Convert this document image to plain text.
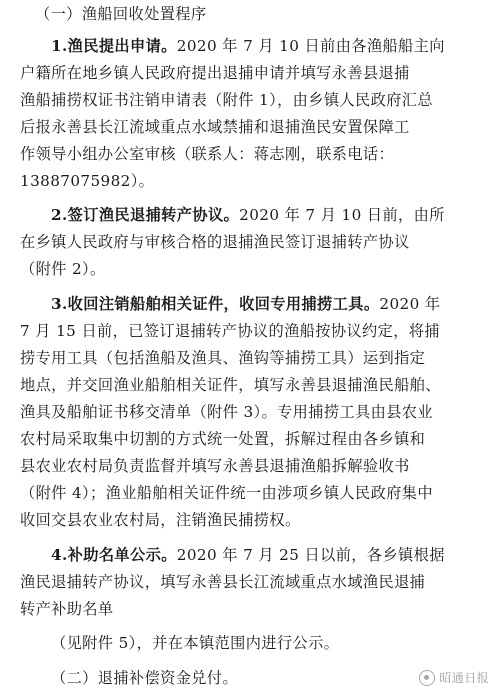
（一）渔船回收处置程序
1.渔民提出申请。2020 年 7 月 10 日前由各渔船船主向
户籍所在地乡镇人民政府提出退捕申请并填写永善县退捕
渔船捕捞权证书注销申请表（附件 1），由乡镇人民政府汇总
后报永善县长江流域重点水域禁捕和退捕渔民安置保障工
作领导小组办公室审核（联系人：蒋志刚，联系电话：
13887075982）。
2.签订渔民退捕转产协议。2020 年 7 月 10 日前，由所
在乡镇人民政府与审核合格的退捕渔民签订退捕转产协议
（附件 2）。
3.收回注销船舶相关证件，收回专用捕捞工具。2020 年
7 月 15 日前，已签订退捕转产协议的渔船按协议约定，将捕
捞专用工具（包括渔船及渔具、渔钩等捕捞工具）运到指定
地点，并交回渔业船舶相关证件，填写永善县退捕渔民船舶、
渔具及船舶证书移交清单（附件 3）。专用捕捞工具由县农业
农村局采取集中切割的方式统一处置，拆解过程由各乡镇和
县农业农村局负责监督并填写永善县退捕渔船拆解验收书
（附件 4）；渔业船舶相关证件统一由涉项乡镇人民政府集中
收回交县农业农村局，注销渔民捕捞权。
4.补助名单公示。2020 年 7 月 25 日以前，各乡镇根据
渔民退捕转产协议，填写永善县长江流域重点水域渔民退捕
转产补助名单
（见附件 5），并在本镇范围内进行公示。
（二）退捕补偿资金兑付。	昭通日报
